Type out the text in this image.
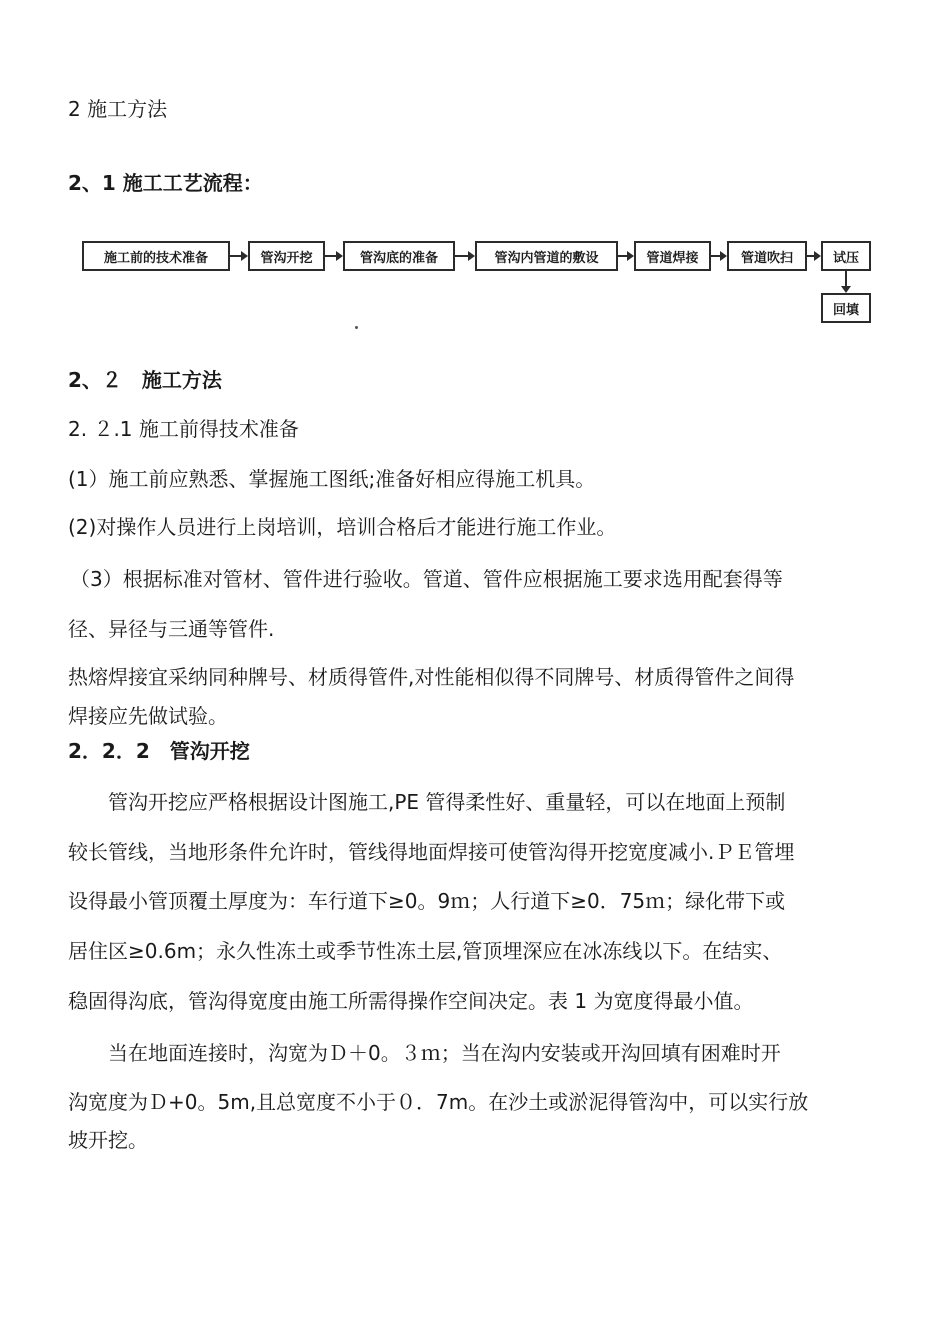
2 施工方法
2、1 施工工艺流程：
施工前的技术准备	管沟开挖	管沟底的准备	管沟内管道的敷设	管道焊接	管道吹扫	试压
回填
2、２　施工方法
2. ２.1 施工前得技术准备
(1）施工前应熟悉、掌握施工图纸;准备好相应得施工机具。
(2)对操作人员进行上岗培训，培训合格后才能进行施工作业。
（3）根据标准对管材、管件进行验收。管道、管件应根据施工要求选用配套得等
径、异径与三通等管件.
热熔焊接宜采纳同种牌号、材质得管件,对性能相似得不同牌号、材质得管件之间得
焊接应先做试验。
2．2．2　管沟开挖
　　管沟开挖应严格根据设计图施工,PE 管得柔性好、重量轻，可以在地面上预制
较长管线，当地形条件允许时，管线得地面焊接可使管沟得开挖宽度减小.ＰＥ管埋
设得最小管顶覆土厚度为：车行道下≥0。9ｍ；人行道下≥0．75ｍ；绿化带下或
居住区≥0.6m；永久性冻土或季节性冻土层,管顶埋深应在冰冻线以下。在结实、
稳固得沟底，管沟得宽度由施工所需得操作空间决定。表 1 为宽度得最小值。
　　当在地面连接时，沟宽为Ｄ＋0。３ｍ；当在沟内安装或开沟回填有困难时开
沟宽度为Ｄ+0。5m,且总宽度不小于０．7m。在沙土或淤泥得管沟中，可以实行放
坡开挖。
